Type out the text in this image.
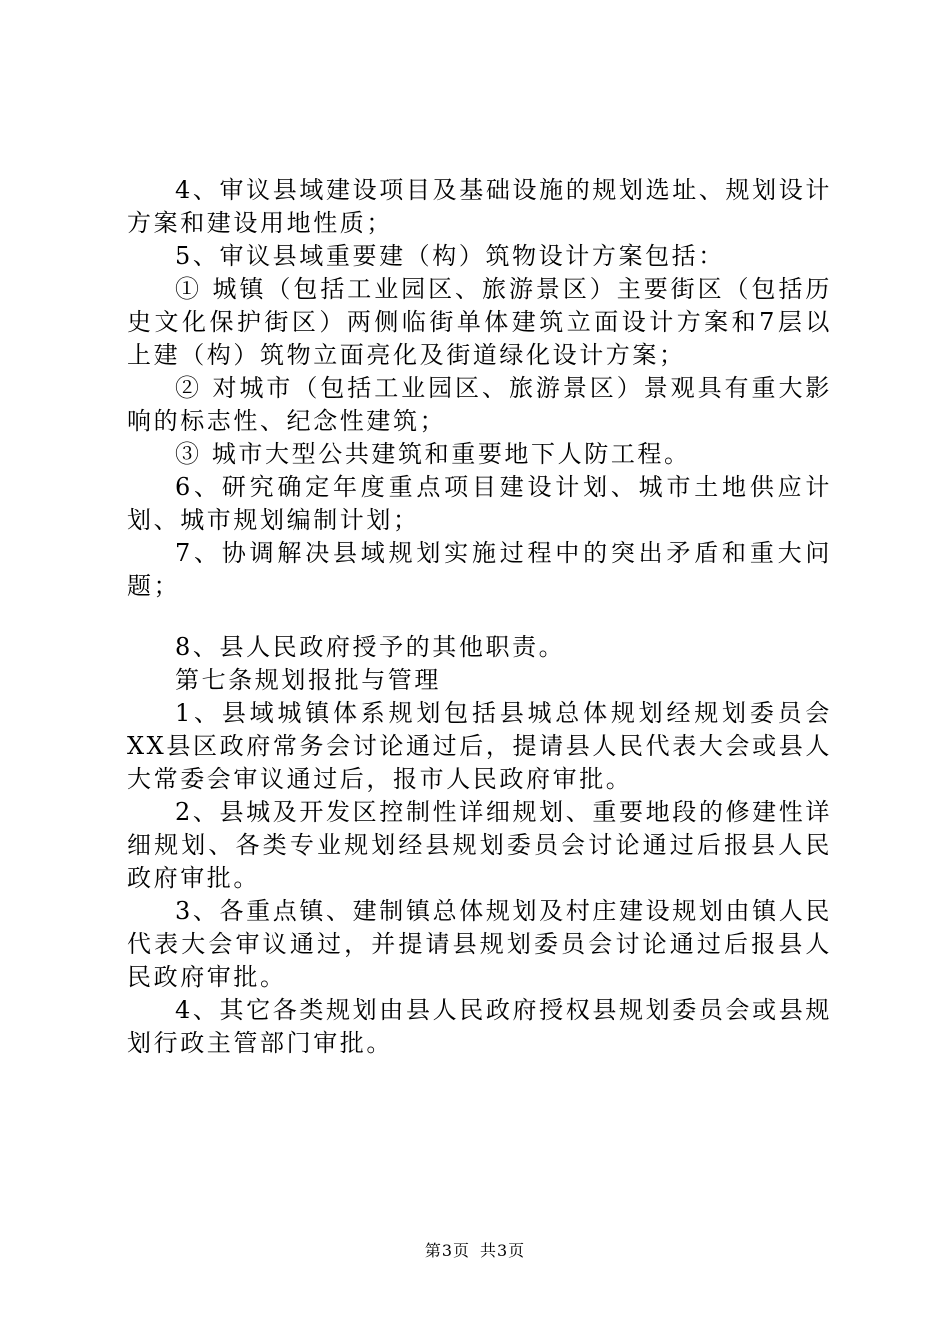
4、审议县域建设项目及基础设施的规划选址、规划设计方案和建设用地性质；

5、审议县域重要建（构）筑物设计方案包括：

① 城镇（包括工业园区、旅游景区）主要街区（包括历史文化保护街区）两侧临街单体建筑立面设计方案和7层以上建（构）筑物立面亮化及街道绿化设计方案；

② 对城市（包括工业园区、旅游景区）景观具有重大影响的标志性、纪念性建筑；

③ 城市大型公共建筑和重要地下人防工程。

6、研究确定年度重点项目建设计划、城市土地供应计划、城市规划编制计划；

7、协调解决县域规划实施过程中的突出矛盾和重大问题；

8、县人民政府授予的其他职责。

第七条规划报批与管理

1、县域城镇体系规划包括县城总体规划经规划委员会XX县区政府常务会讨论通过后，提请县人民代表大会或县人大常委会审议通过后，报市人民政府审批。

2、县城及开发区控制性详细规划、重要地段的修建性详细规划、各类专业规划经县规划委员会讨论通过后报县人民政府审批。

3、各重点镇、建制镇总体规划及村庄建设规划由镇人民代表大会审议通过，并提请县规划委员会讨论通过后报县人民政府审批。

4、其它各类规划由县人民政府授权县规划委员会或县规划行政主管部门审批。

第3页 共3页
